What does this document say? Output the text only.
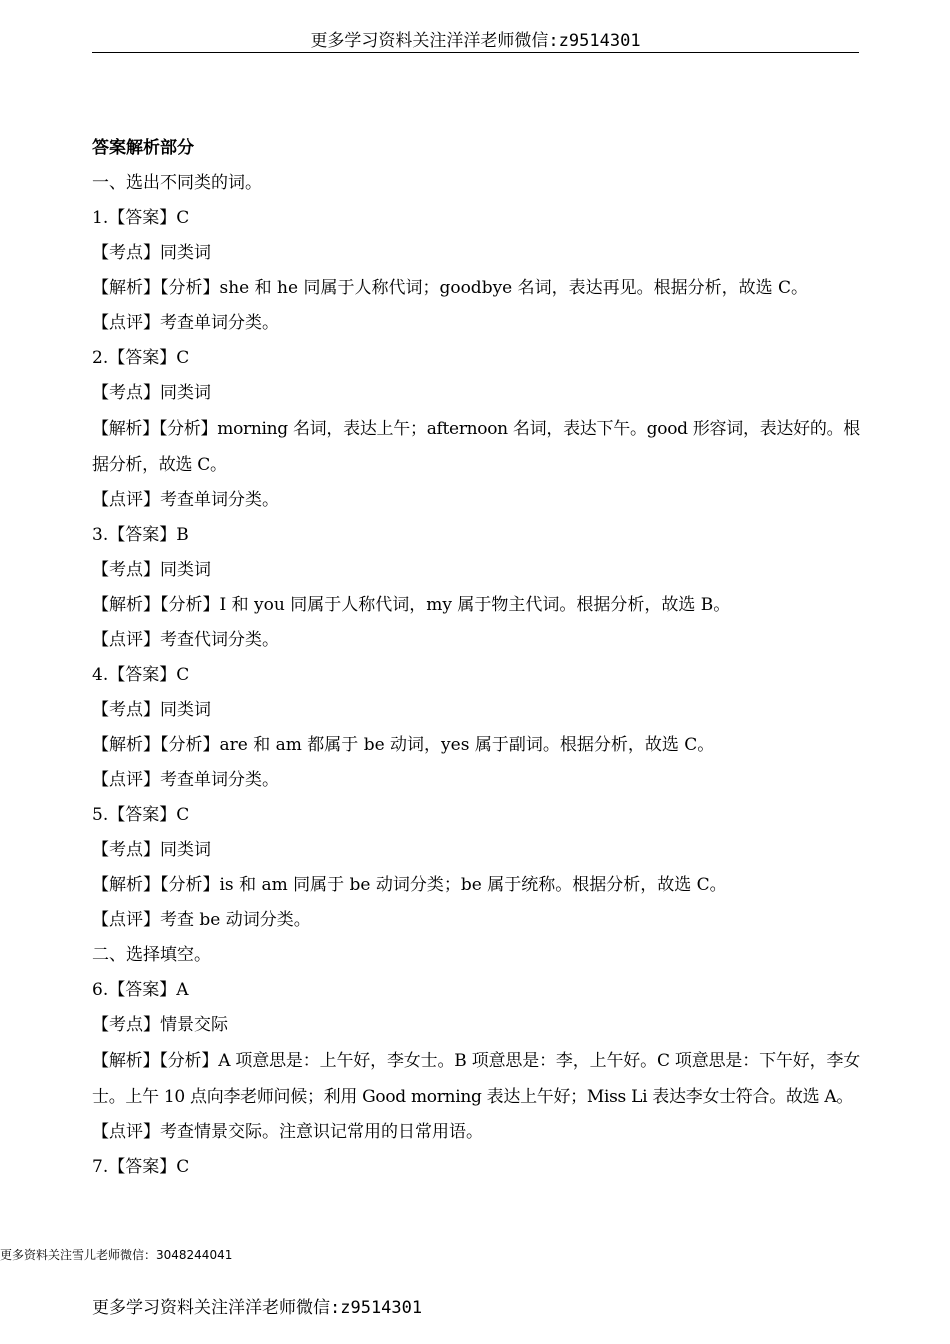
更多学习资料关注洋洋老师微信:z9514301
答案解析部分
一、选出不同类的词。
1.【答案】C
【考点】同类词
【解析】【分析】she 和 he 同属于人称代词；goodbye 名词，表达再见。根据分析，故选 C。
【点评】考查单词分类。
2.【答案】C
【考点】同类词
【解析】【分析】morning 名词，表达上午；afternoon 名词，表达下午。good 形容词，表达好的。根据分析，故选 C。
【点评】考查单词分类。
3.【答案】B
【考点】同类词
【解析】【分析】I 和 you 同属于人称代词，my 属于物主代词。根据分析，故选 B。
【点评】考查代词分类。
4.【答案】C
【考点】同类词
【解析】【分析】are 和 am 都属于 be 动词，yes 属于副词。根据分析，故选 C。
【点评】考查单词分类。
5.【答案】C
【考点】同类词
【解析】【分析】is 和 am 同属于 be 动词分类；be 属于统称。根据分析，故选 C。
【点评】考查 be 动词分类。
二、选择填空。
6.【答案】A
【考点】情景交际
【解析】【分析】A 项意思是：上午好，李女士。B 项意思是：李，上午好。C 项意思是：下午好，李女士。上午 10 点向李老师问候；利用 Good morning 表达上午好；Miss Li 表达李女士符合。故选 A。
【点评】考查情景交际。注意识记常用的日常用语。
7.【答案】C
更多资料关注雪儿老师微信：3048244041
更多学习资料关注洋洋老师微信:z9514301
